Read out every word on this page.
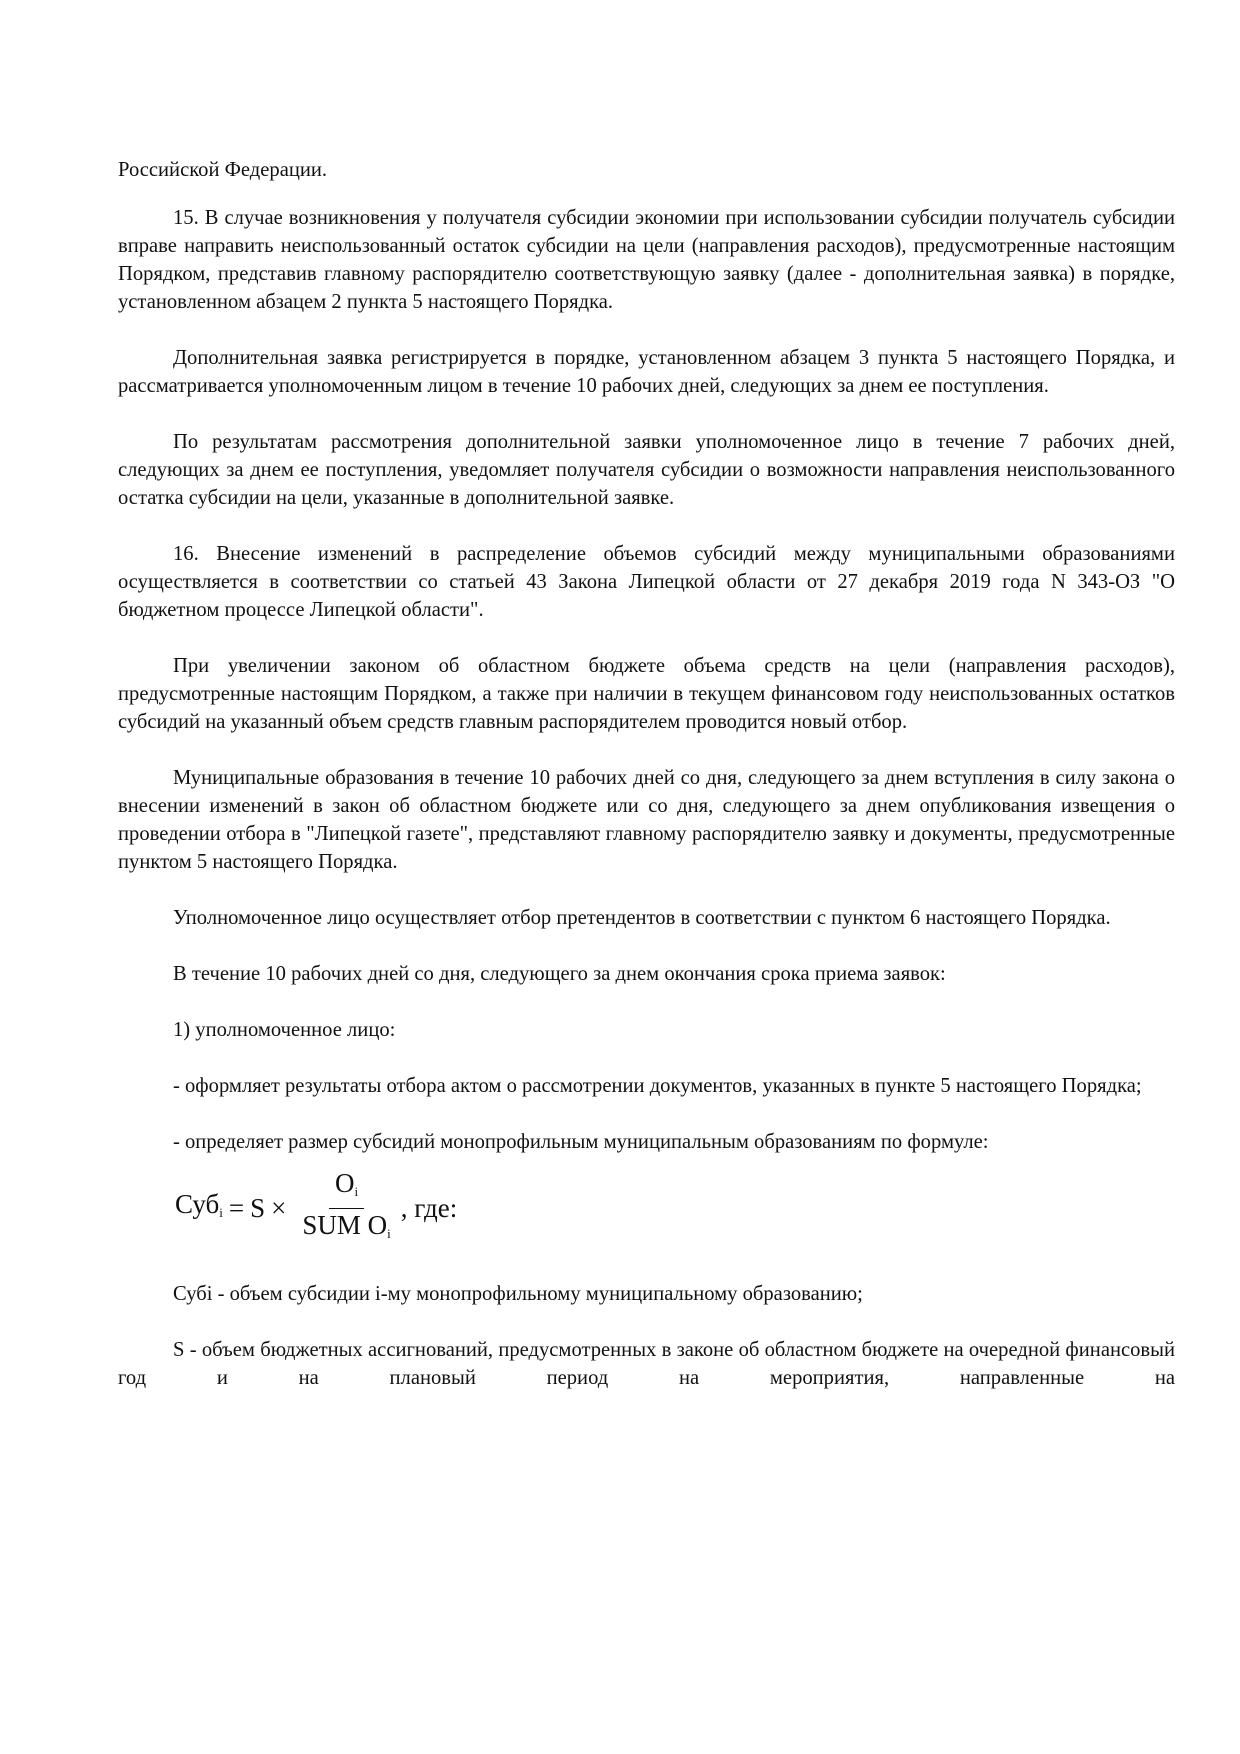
Российской Федерации.

15. В случае возникновения у получателя субсидии экономии при использовании субсидии получатель субсидии вправе направить неиспользованный остаток субсидии на цели (направления расходов), предусмотренные настоящим Порядком, представив главному распорядителю соответствующую заявку (далее - дополнительная заявка) в порядке, установленном абзацем 2 пункта 5 настоящего Порядка.

Дополнительная заявка регистрируется в порядке, установленном абзацем 3 пункта 5 настоящего Порядка, и рассматривается уполномоченным лицом в течение 10 рабочих дней, следующих за днем ее поступления.

По результатам рассмотрения дополнительной заявки уполномоченное лицо в течение 7 рабочих дней, следующих за днем ее поступления, уведомляет получателя субсидии о возможности направления неиспользованного остатка субсидии на цели, указанные в дополнительной заявке.

16. Внесение изменений в распределение объемов субсидий между муниципальными образованиями осуществляется в соответствии со статьей 43 Закона Липецкой области от 27 декабря 2019 года N 343-ОЗ "О бюджетном процессе Липецкой области".

При увеличении законом об областном бюджете объема средств на цели (направления расходов), предусмотренные настоящим Порядком, а также при наличии в текущем финансовом году неиспользованных остатков субсидий на указанный объем средств главным распорядителем проводится новый отбор.

Муниципальные образования в течение 10 рабочих дней со дня, следующего за днем вступления в силу закона о внесении изменений в закон об областном бюджете или со дня, следующего за днем опубликования извещения о проведении отбора в "Липецкой газете", представляют главному распорядителю заявку и документы, предусмотренные пунктом 5 настоящего Порядка.

Уполномоченное лицо осуществляет отбор претендентов в соответствии с пунктом 6 настоящего Порядка.

В течение 10 рабочих дней со дня, следующего за днем окончания срока приема заявок:

1) уполномоченное лицо:

- оформляет результаты отбора актом о рассмотрении документов, указанных в пункте 5 настоящего Порядка;

- определяет размер субсидий монопрофильным муниципальным образованиям по формуле:

$Суб_i = S \times \frac{O_i}{SUM O_i}$ , где:

Субi - объем субсидии i-му монопрофильному муниципальному образованию;

S - объем бюджетных ассигнований, предусмотренных в законе об областном бюджете на очередной финансовый год и на плановый период на мероприятия, направленные на
